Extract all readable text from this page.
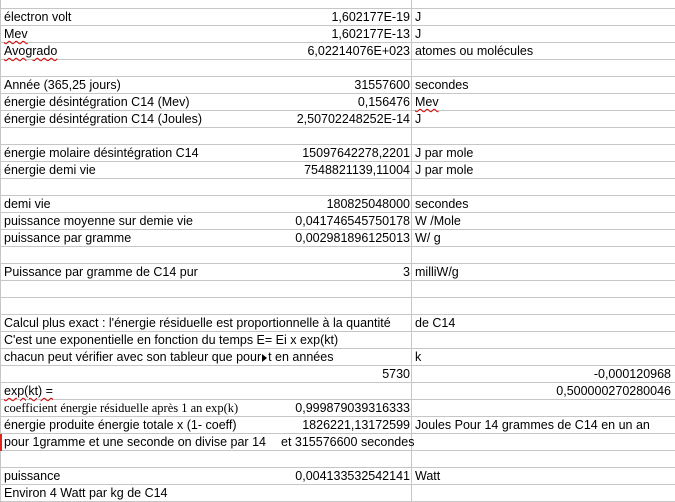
électron volt	1,602177E-19 J
Mev	1,602177E-13 J
Avogrado	6,02214076E+023 atomes ou molécules
Année (365,25 jours)	31557600 secondes
énergie désintégration C14 (Mev)	0,156476 Mev
énergie désintégration C14 (Joules)	2,50702248252E-14 J
énergie molaire désintégration C14	15097642278,2201 J par mole
énergie demi vie	7548821139,11004 J par mole
demi vie	180825048000 secondes
puissance moyenne sur demie vie	0,041746545750178 W /Mole
puissance par gramme	0,002981896125013 W/ g
Puissance par gramme de C14 pur	3 milliW/g
Calcul plus exact : l'énergie résiduelle est proportionnelle à la quantité de C14
C'est une exponentielle en fonction du temps E= Ei x exp(kt)
chacun peut vérifier avec son tableur que pour t en années	k
5730	-0,000120968
exp(kt) =	0,500000270280046
coefficient énergie résiduelle après 1 an exp(k)	0,999879039316333
énergie produite énergie totale x (1- coeff)	1826221,13172599 Joules Pour 14 grammes de C14 en un an
pour 1gramme et une seconde on divise par 14 et 315576600 secondes
puissance	0,004133532542141 Watt
Environ 4 Watt par kg de C14
